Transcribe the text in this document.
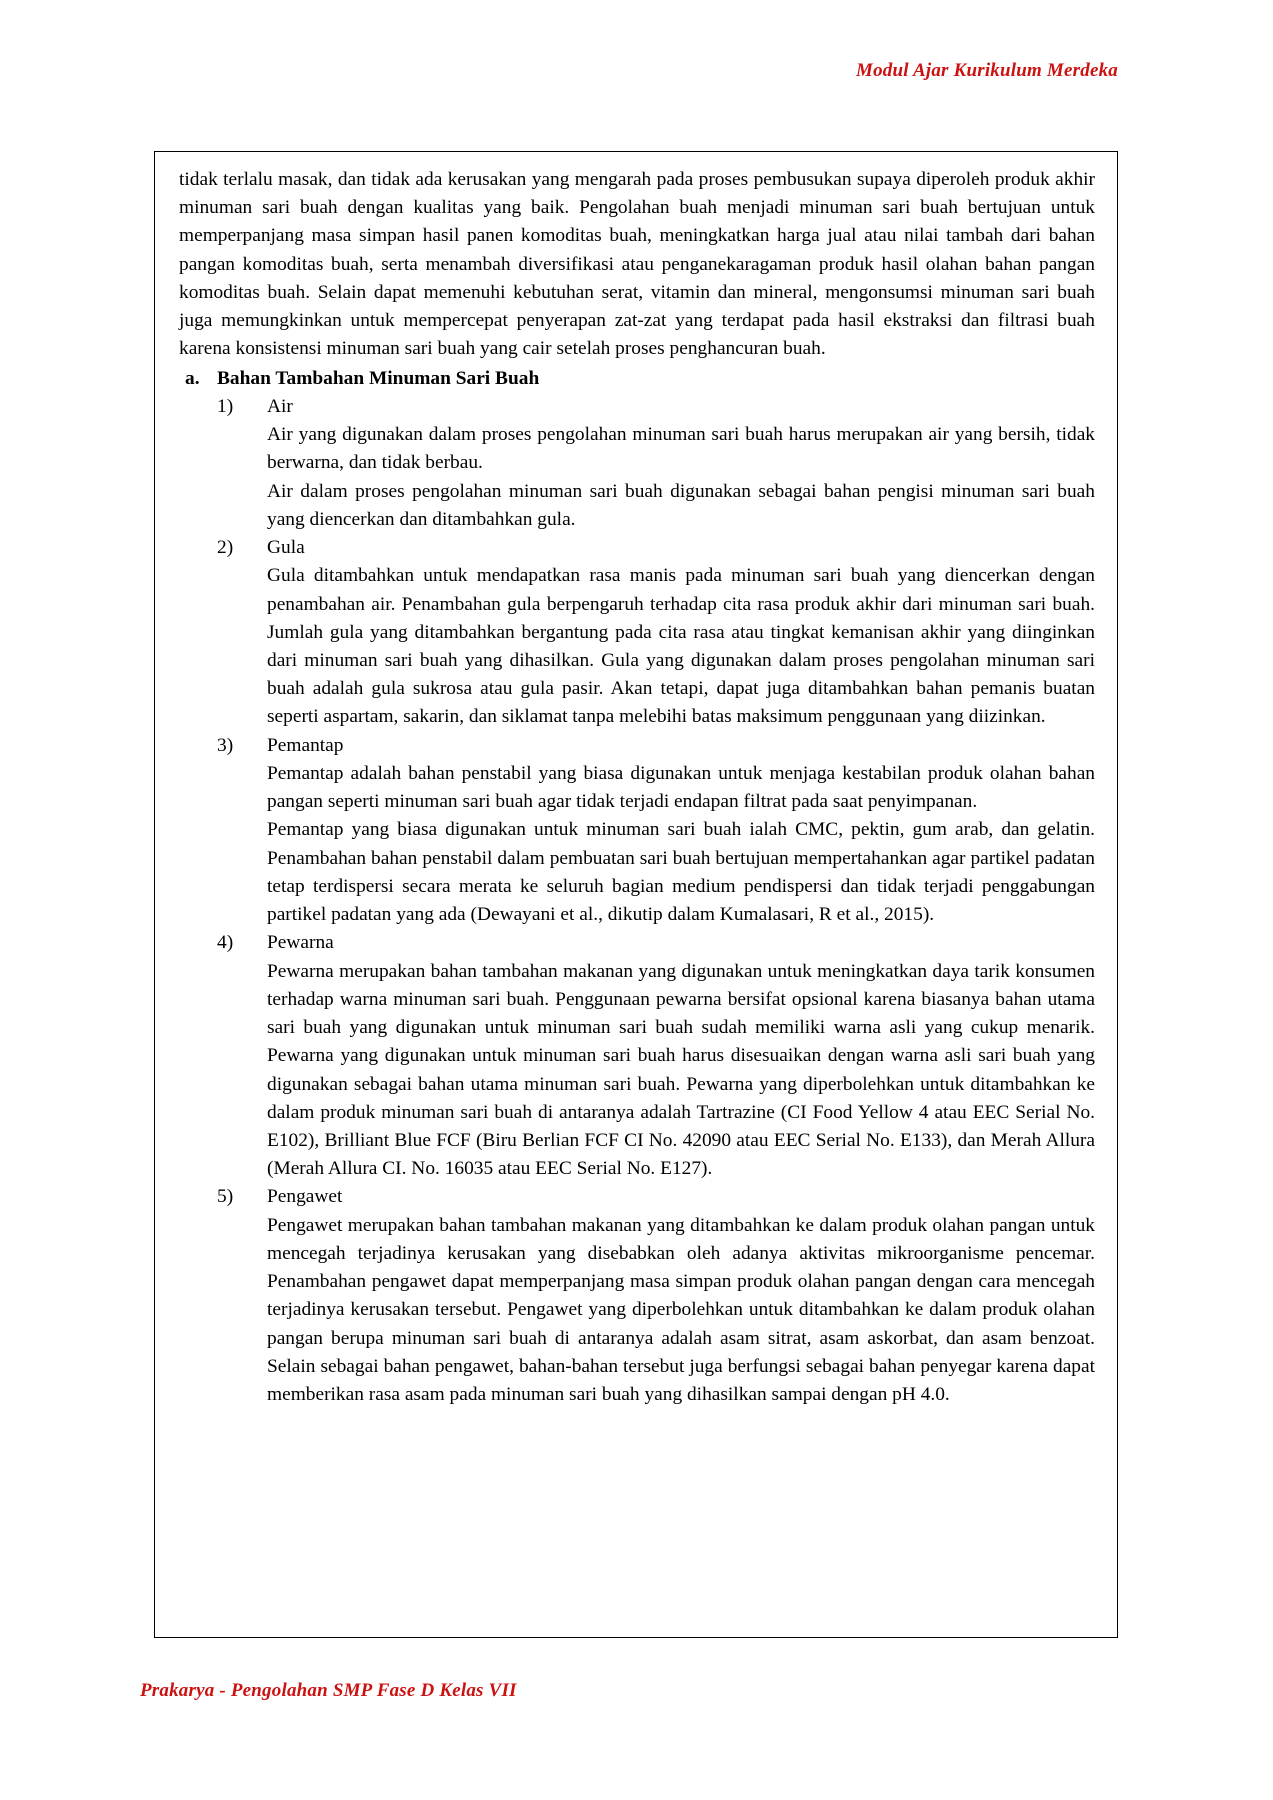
Modul Ajar Kurikulum Merdeka

tidak terlalu masak, dan tidak ada kerusakan yang mengarah pada proses pembusukan supaya diperoleh produk akhir minuman sari buah dengan kualitas yang baik. Pengolahan buah menjadi minuman sari buah bertujuan untuk memperpanjang masa simpan hasil panen komoditas buah, meningkatkan harga jual atau nilai tambah dari bahan pangan komoditas buah, serta menambah diversifikasi atau penganekaragaman produk hasil olahan bahan pangan komoditas buah. Selain dapat memenuhi kebutuhan serat, vitamin dan mineral, mengonsumsi minuman sari buah juga memungkinkan untuk mempercepat penyerapan zat-zat yang terdapat pada hasil ekstraksi dan filtrasi buah karena konsistensi minuman sari buah yang cair setelah proses penghancuran buah.

a. Bahan Tambahan Minuman Sari Buah
1)	Air
Air yang digunakan dalam proses pengolahan minuman sari buah harus merupakan air yang bersih, tidak berwarna, dan tidak berbau.
Air dalam proses pengolahan minuman sari buah digunakan sebagai bahan pengisi minuman sari buah yang diencerkan dan ditambahkan gula.
2)	Gula
Gula ditambahkan untuk mendapatkan rasa manis pada minuman sari buah yang diencerkan dengan penambahan air. Penambahan gula berpengaruh terhadap cita rasa produk akhir dari minuman sari buah. Jumlah gula yang ditambahkan bergantung pada cita rasa atau tingkat kemanisan akhir yang diinginkan dari minuman sari buah yang dihasilkan. Gula yang digunakan dalam proses pengolahan minuman sari buah adalah gula sukrosa atau gula pasir. Akan tetapi, dapat juga ditambahkan bahan pemanis buatan seperti aspartam, sakarin, dan siklamat tanpa melebihi batas maksimum penggunaan yang diizinkan.
3)	Pemantap
Pemantap adalah bahan penstabil yang biasa digunakan untuk menjaga kestabilan produk olahan bahan pangan seperti minuman sari buah agar tidak terjadi endapan filtrat pada saat penyimpanan.
Pemantap yang biasa digunakan untuk minuman sari buah ialah CMC, pektin, gum arab, dan gelatin. Penambahan bahan penstabil dalam pembuatan sari buah bertujuan mempertahankan agar partikel padatan tetap terdispersi secara merata ke seluruh bagian medium pendispersi dan tidak terjadi penggabungan partikel padatan yang ada (Dewayani et al., dikutip dalam Kumalasari, R et al., 2015).
4)	Pewarna
Pewarna merupakan bahan tambahan makanan yang digunakan untuk meningkatkan daya tarik konsumen terhadap warna minuman sari buah. Penggunaan pewarna bersifat opsional karena biasanya bahan utama sari buah yang digunakan untuk minuman sari buah sudah memiliki warna asli yang cukup menarik. Pewarna yang digunakan untuk minuman sari buah harus disesuaikan dengan warna asli sari buah yang digunakan sebagai bahan utama minuman sari buah. Pewarna yang diperbolehkan untuk ditambahkan ke dalam produk minuman sari buah di antaranya adalah Tartrazine (CI Food Yellow 4 atau EEC Serial No. E102), Brilliant Blue FCF (Biru Berlian FCF CI No. 42090 atau EEC Serial No. E133), dan Merah Allura (Merah Allura CI. No. 16035 atau EEC Serial No. E127).
5)	Pengawet
Pengawet merupakan bahan tambahan makanan yang ditambahkan ke dalam produk olahan pangan untuk mencegah terjadinya kerusakan yang disebabkan oleh adanya aktivitas mikroorganisme pencemar. Penambahan pengawet dapat memperpanjang masa simpan produk olahan pangan dengan cara mencegah terjadinya kerusakan tersebut. Pengawet yang diperbolehkan untuk ditambahkan ke dalam produk olahan pangan berupa minuman sari buah di antaranya adalah asam sitrat, asam askorbat, dan asam benzoat. Selain sebagai bahan pengawet, bahan-bahan tersebut juga berfungsi sebagai bahan penyegar karena dapat memberikan rasa asam pada minuman sari buah yang dihasilkan sampai dengan pH 4.0.
Prakarya - Pengolahan SMP Fase D Kelas VII
